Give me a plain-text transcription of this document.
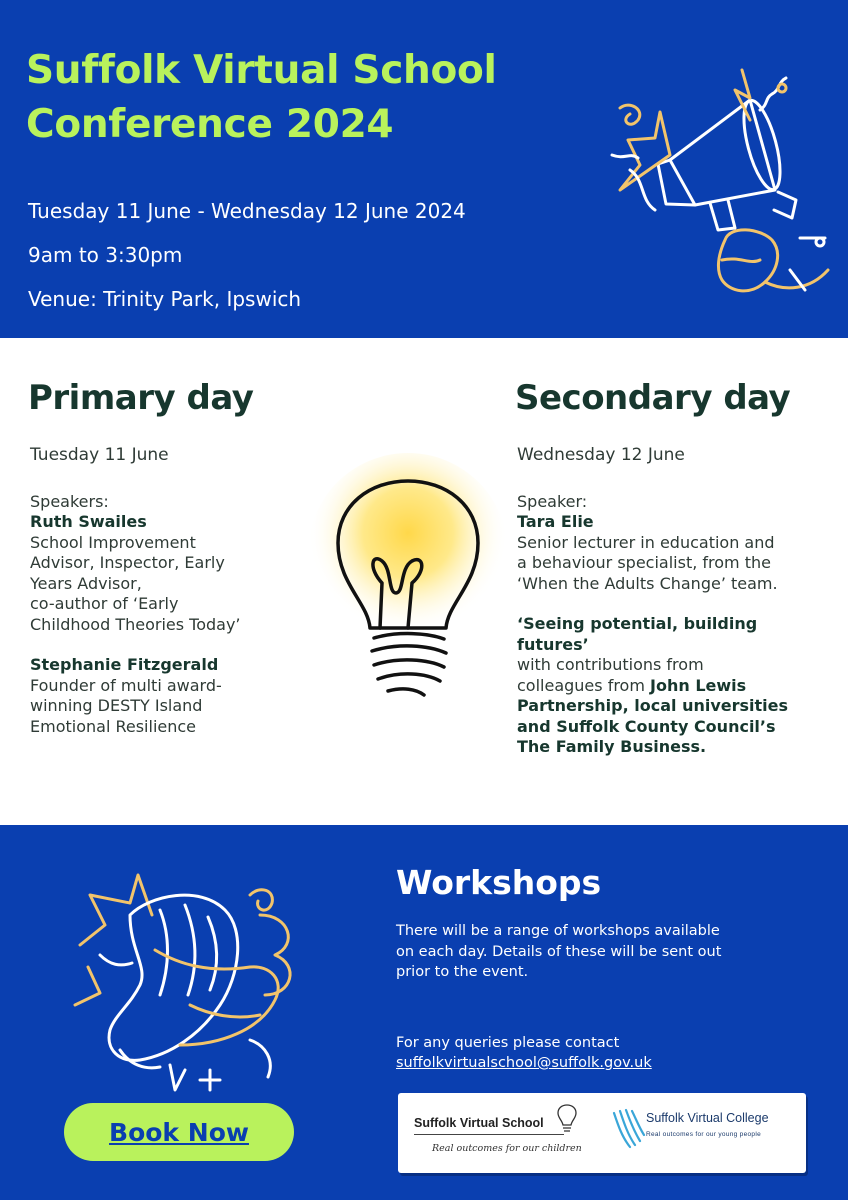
Suffolk Virtual School
Conference 2024
Tuesday 11 June - Wednesday 12 June 2024
9am to 3:30pm
Venue: Trinity Park, Ipswich
Primary day	Secondary day
Tuesday 11 June
Speakers:
Ruth Swailes
School Improvement
Advisor, Inspector, Early
Years Advisor,
co-author of ‘Early
Childhood Theories Today’
Stephanie Fitzgerald
Founder of multi award-
winning DESTY Island
Emotional Resilience
Wednesday 12 June
Speaker:
Tara Elie
Senior lecturer in education and
a behaviour specialist, from the
‘When the Adults Change’ team.
‘Seeing potential, building
futures’
with contributions from
colleagues from John Lewis
Partnership, local universities
and Suffolk County Council’s
The Family Business.
Workshops
There will be a range of workshops available
on each day. Details of these will be sent out
prior to the event.
For any queries please contact
suffolkvirtualschool@suffolk.gov.uk
Book Now	Suffolk Virtual School
Real outcomes for our children
Suffolk Virtual College
Real outcomes for our young people
